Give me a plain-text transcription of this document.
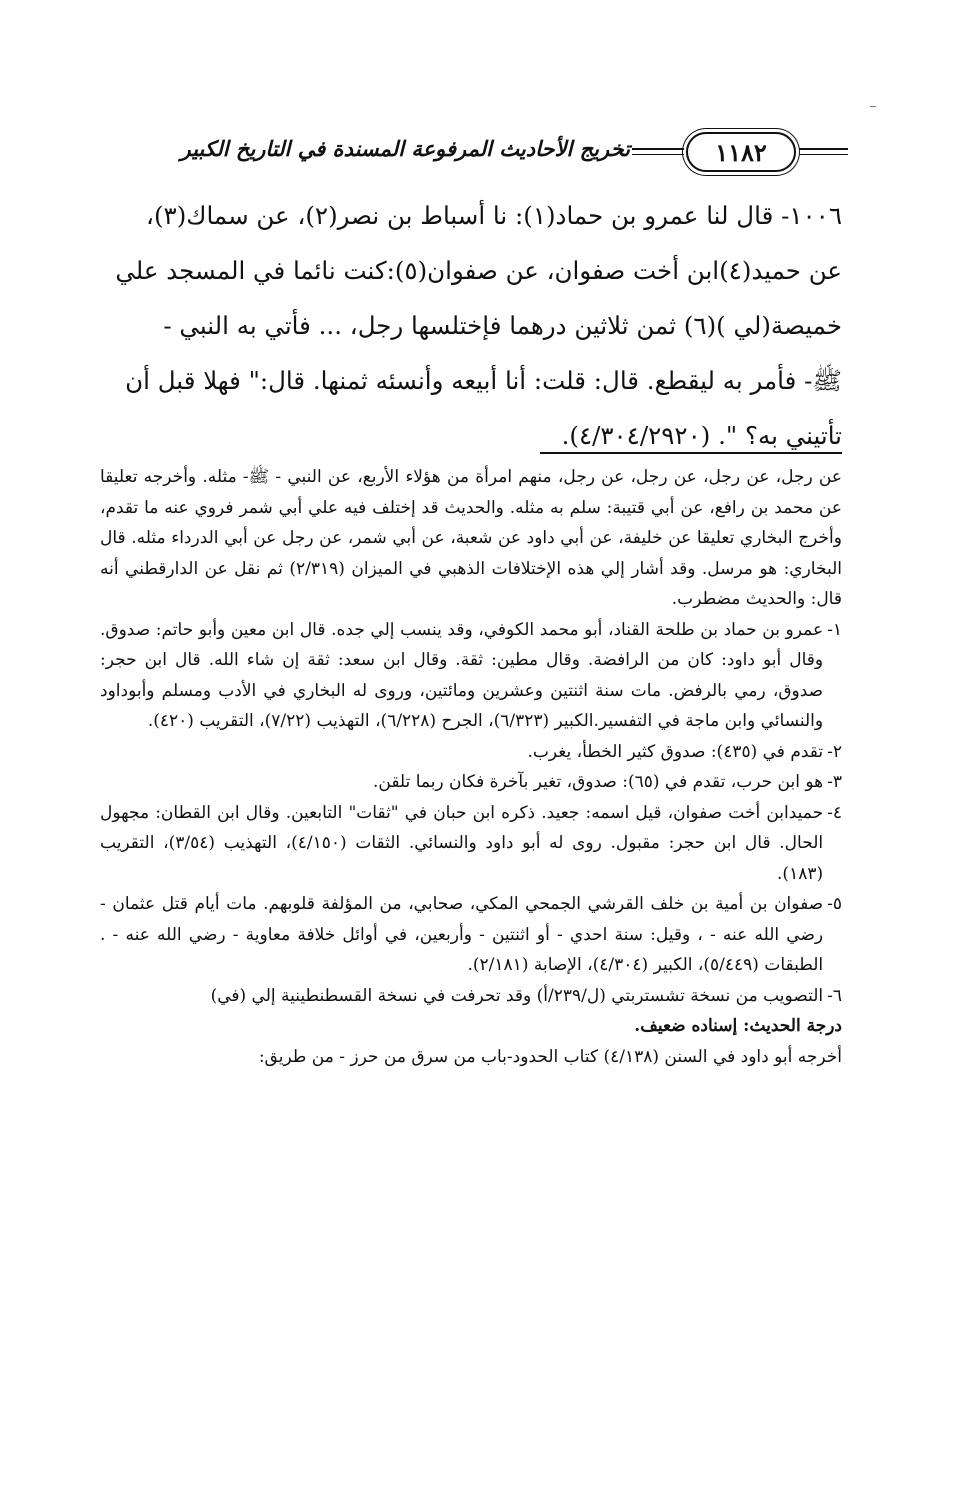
١١٨٢
تخريج الأحاديث المرفوعة المسندة في التاريخ الكبير
١٠٠٦- قال لنا عمرو بن حماد(١): نا أسباط بن نصر(٢)، عن سماك(٣)،
عن حميد(٤)ابن أخت صفوان، عن صفوان(٥):كنت نائما في المسجد علي
خميصة(لي )(٦) ثمن ثلاثين درهما فإختلسها رجل، ... فأتي به النبي -
ﷺ- فأمر به ليقطع. قال: قلت: أنا أبيعه وأنسئه ثمنها. قال:" فهلا قبل أن
تأتيني به؟ ". (٤/٣٠٤/٢٩٢٠).

عن رجل، عن رجل، عن رجل، عن رجل، منهم امرأة من هؤلاء الأربع، عن النبي - ﷺ- مثله. وأخرجه تعليقا عن محمد بن رافع، عن أبي قتيبة: سلم به مثله. والحديث قد إختلف فيه علي أبي شمر فروي عنه ما تقدم، وأخرج البخاري تعليقا عن خليفة، عن أبي داود عن شعبة، عن أبي شمر، عن رجل عن أبي الدرداء مثله. قال البخاري: هو مرسل. وقد أشار إلي هذه الإختلافات الذهبي في الميزان (٢/٣١٩) ثم نقل عن الدارقطني أنه قال: والحديث مضطرب.

١-
عمرو بن حماد بن طلحة القناد، أبو محمد الكوفي، وقد ينسب إلي جده. قال ابن معين وأبو حاتم: صدوق. وقال أبو داود: كان من الرافضة. وقال مطين: ثقة. وقال ابن سعد: ثقة إن شاء الله. قال ابن حجر: صدوق، رمي بالرفض. مات سنة اثنتين وعشرين ومائتين، وروى له البخاري في الأدب ومسلم وأبوداود والنسائي وابن ماجة في التفسير.الكبير (٦/٣٢٣)، الجرح (٦/٢٢٨)، التهذيب (٧/٢٢)، التقريب (٤٢٠).
٢-
تقدم في (٤٣٥): صدوق كثير الخطأ، يغرب.
٣-
هو ابن حرب، تقدم في (٦٥): صدوق، تغير بآخرة فكان ربما تلقن.
٤-
حميدابن أخت صفوان، قيل اسمه: جعيد. ذكره ابن حبان في "ثقات" التابعين. وقال ابن القطان: مجهول الحال. قال ابن حجر: مقبول. روى له أبو داود والنسائي. الثقات (٤/١٥٠)، التهذيب (٣/٥٤)، التقريب (١٨٣).
٥-
صفوان بن أمية بن خلف القرشي الجمحي المكي، صحابي، من المؤلفة قلوبهم. مات أيام قتل عثمان - رضي الله عنه - ، وقيل: سنة احدي - أو اثنتين - وأربعين، في أوائل خلافة معاوية - رضي الله عنه - . الطبقات (٥/٤٤٩)، الكبير (٤/٣٠٤)، الإصابة (٢/١٨١).
٦-
التصويب من نسخة تشستربتي (ل/٢٣٩/أ) وقد تحرفت في نسخة القسطنطينية إلي (في)

درجة الحديث: إسناده ضعيف.

أخرجه أبو داود في السنن (٤/١٣٨) كتاب الحدود-باب من سرق من حرز - من طريق:
